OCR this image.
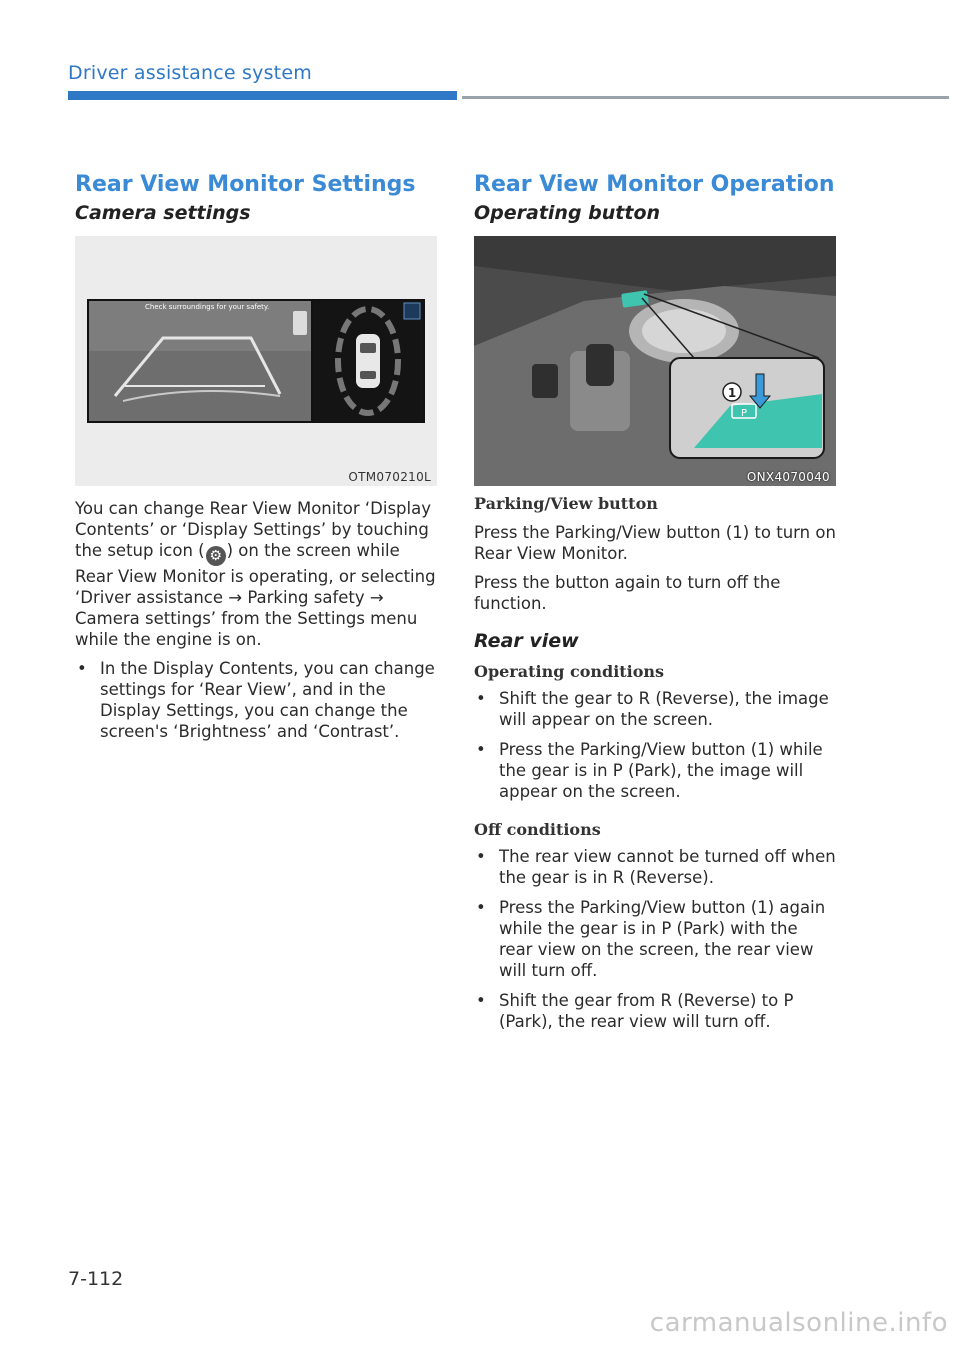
Driver assistance system
Rear View Monitor Settings
Camera settings
Check surroundings for your safety.
OTM070210L

You can change Rear View Monitor ‘Display Contents’ or ‘Display Settings’ by touching the setup icon ( ⚙ ) on the screen while Rear View Monitor is operating, or selecting ‘Driver assistance → Parking safety → Camera settings’ from the Settings menu while the engine is on.

• In the Display Contents, you can change settings for ‘Rear View’, and in the Display Settings, you can change the screen's ‘Brightness’ and ‘Contrast’.
Rear View Monitor Operation
Operating button
P
1
ONX4070040
Parking/View button

Press the Parking/View button (1) to turn on Rear View Monitor.

Press the button again to turn off the function.

Rear view
Operating conditions
• Shift the gear to R (Reverse), the image will appear on the screen.
• Press the Parking/View button (1) while the gear is in P (Park), the image will appear on the screen.
Off conditions
• The rear view cannot be turned off when the gear is in R (Reverse).
• Press the Parking/View button (1) again while the gear is in P (Park) with the rear view on the screen, the rear view will turn off.
• Shift the gear from R (Reverse) to P (Park), the rear view will turn off.
7-112
carmanualsonline.info
